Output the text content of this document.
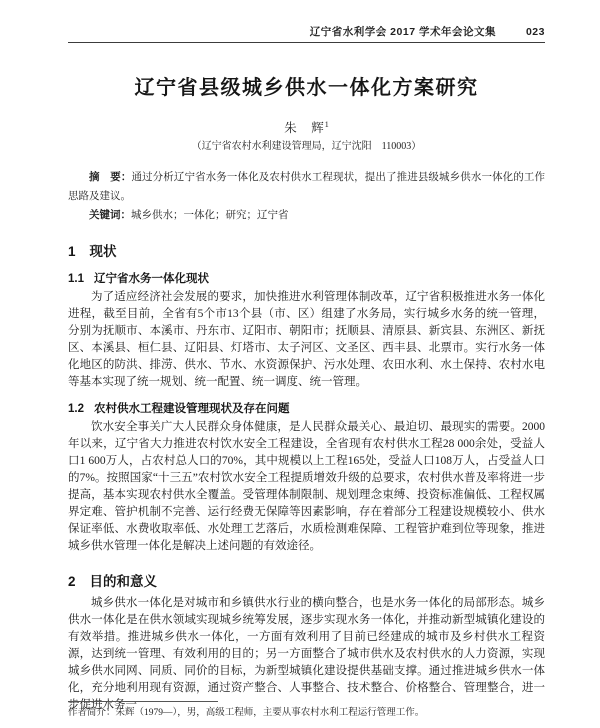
辽宁省水利学会 2017 学术年会论文集	023
辽宁省县级城乡供水一体化方案研究
朱　辉$^1$
（辽宁省农村水利建设管理局，辽宁沈阳　110003）

摘　要：通过分析辽宁省水务一体化及农村供水工程现状，提出了推进县级城乡供水一体化的工作思路及建议。

关键词：城乡供水；一体化；研究；辽宁省

1 现状
1.1 辽宁省水务一体化现状

为了适应经济社会发展的要求，加快推进水利管理体制改革，辽宁省积极推进水务一体化进程，截至目前，全省有5个市13个县（市、区）组建了水务局，实行城乡水务的统一管理，分别为抚顺市、本溪市、丹东市、辽阳市、朝阳市；抚顺县、清原县、新宾县、东洲区、新抚区、本溪县、桓仁县、辽阳县、灯塔市、太子河区、文圣区、西丰县、北票市。实行水务一体化地区的防洪、排涝、供水、节水、水资源保护、污水处理、农田水利、水土保持、农村水电等基本实现了统一规划、统一配置、统一调度、统一管理。

1.2 农村供水工程建设管理现状及存在问题

饮水安全事关广大人民群众身体健康，是人民群众最关心、最迫切、最现实的需要。2000年以来，辽宁省大力推进农村饮水安全工程建设，全省现有农村供水工程28 000余处，受益人口1 600万人，占农村总人口的70%，其中规模以上工程165处，受益人口108万人，占受益人口的7%。按照国家“十三五”农村饮水安全工程提质增效升级的总要求，农村供水普及率将进一步提高，基本实现农村供水全覆盖。受管理体制限制、规划理念束缚、投资标准偏低、工程权属界定难、管护机制不完善、运行经费无保障等因素影响，存在着部分工程建设规模较小、供水保证率低、水费收取率低、水处理工艺落后，水质检测难保障、工程管护难到位等现象，推进城乡供水管理一体化是解决上述问题的有效途径。

2 目的和意义

城乡供水一体化是对城市和乡镇供水行业的横向整合，也是水务一体化的局部形态。城乡供水一体化是在供水领域实现城乡统筹发展，逐步实现水务一体化，并推动新型城镇化建设的有效举措。推进城乡供水一体化，一方面有效利用了目前已经建成的城市及乡村供水工程资源，达到统一管理、有效利用的目的；另一方面整合了城市供水及农村供水的人力资源，实现城乡供水同网、同质、同价的目标，为新型城镇化建设提供基础支撑。通过推进城乡供水一体化，充分地利用现有资源，通过资产整合、人事整合、技术整合、价格整合、管理整合，进一步促进水务一

作者简介：朱辉（1979—），男，高级工程师，主要从事农村水利工程运行管理工作。
